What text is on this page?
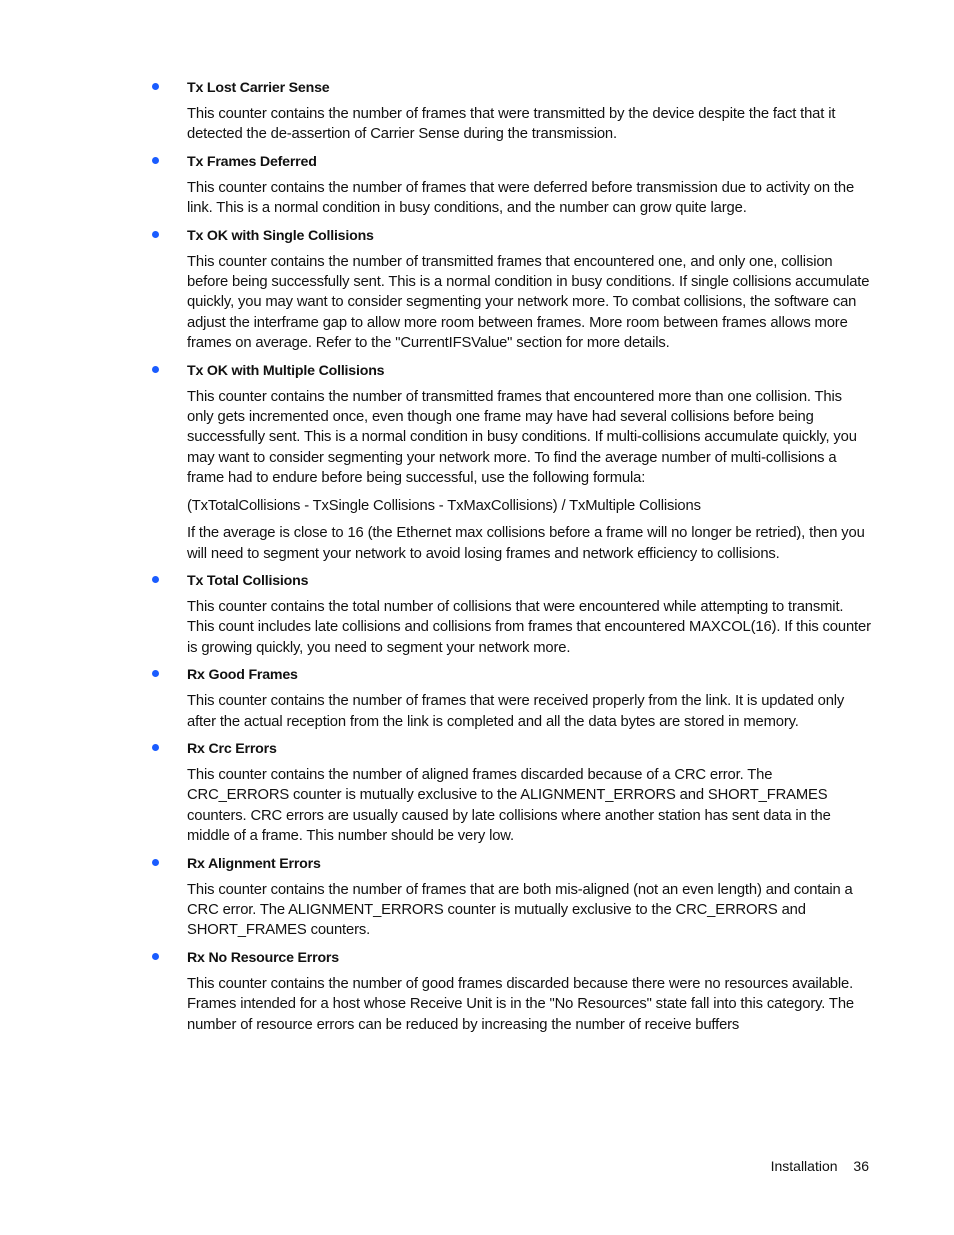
Tx Lost Carrier Sense

This counter contains the number of frames that were transmitted by the device despite the fact that it detected the de-assertion of Carrier Sense during the transmission.

Tx Frames Deferred

This counter contains the number of frames that were deferred before transmission due to activity on the link. This is a normal condition in busy conditions, and the number can grow quite large.

Tx OK with Single Collisions

This counter contains the number of transmitted frames that encountered one, and only one, collision before being successfully sent. This is a normal condition in busy conditions. If single collisions accumulate quickly, you may want to consider segmenting your network more. To combat collisions, the software can adjust the interframe gap to allow more room between frames. More room between frames allows more frames on average. Refer to the "CurrentIFSValue" section for more details.

Tx OK with Multiple Collisions

This counter contains the number of transmitted frames that encountered more than one collision. This only gets incremented once, even though one frame may have had several collisions before being successfully sent. This is a normal condition in busy conditions. If multi-collisions accumulate quickly, you may want to consider segmenting your network more. To find the average number of multi-collisions a frame had to endure before being successful, use the following formula:

(TxTotalCollisions - TxSingle Collisions - TxMaxCollisions) / TxMultiple Collisions

If the average is close to 16 (the Ethernet max collisions before a frame will no longer be retried), then you will need to segment your network to avoid losing frames and network efficiency to collisions.

Tx Total Collisions

This counter contains the total number of collisions that were encountered while attempting to transmit. This count includes late collisions and collisions from frames that encountered MAXCOL(16). If this counter is growing quickly, you need to segment your network more.

Rx Good Frames

This counter contains the number of frames that were received properly from the link. It is updated only after the actual reception from the link is completed and all the data bytes are stored in memory.

Rx Crc Errors

This counter contains the number of aligned frames discarded because of a CRC error. The CRC_ERRORS counter is mutually exclusive to the ALIGNMENT_ERRORS and SHORT_FRAMES counters. CRC errors are usually caused by late collisions where another station has sent data in the middle of a frame. This number should be very low.

Rx Alignment Errors

This counter contains the number of frames that are both mis-aligned (not an even length) and contain a CRC error. The ALIGNMENT_ERRORS counter is mutually exclusive to the CRC_ERRORS and SHORT_FRAMES counters.

Rx No Resource Errors

This counter contains the number of good frames discarded because there were no resources available. Frames intended for a host whose Receive Unit is in the "No Resources" state fall into this category. The number of resource errors can be reduced by increasing the number of receive buffers

Installation 36
